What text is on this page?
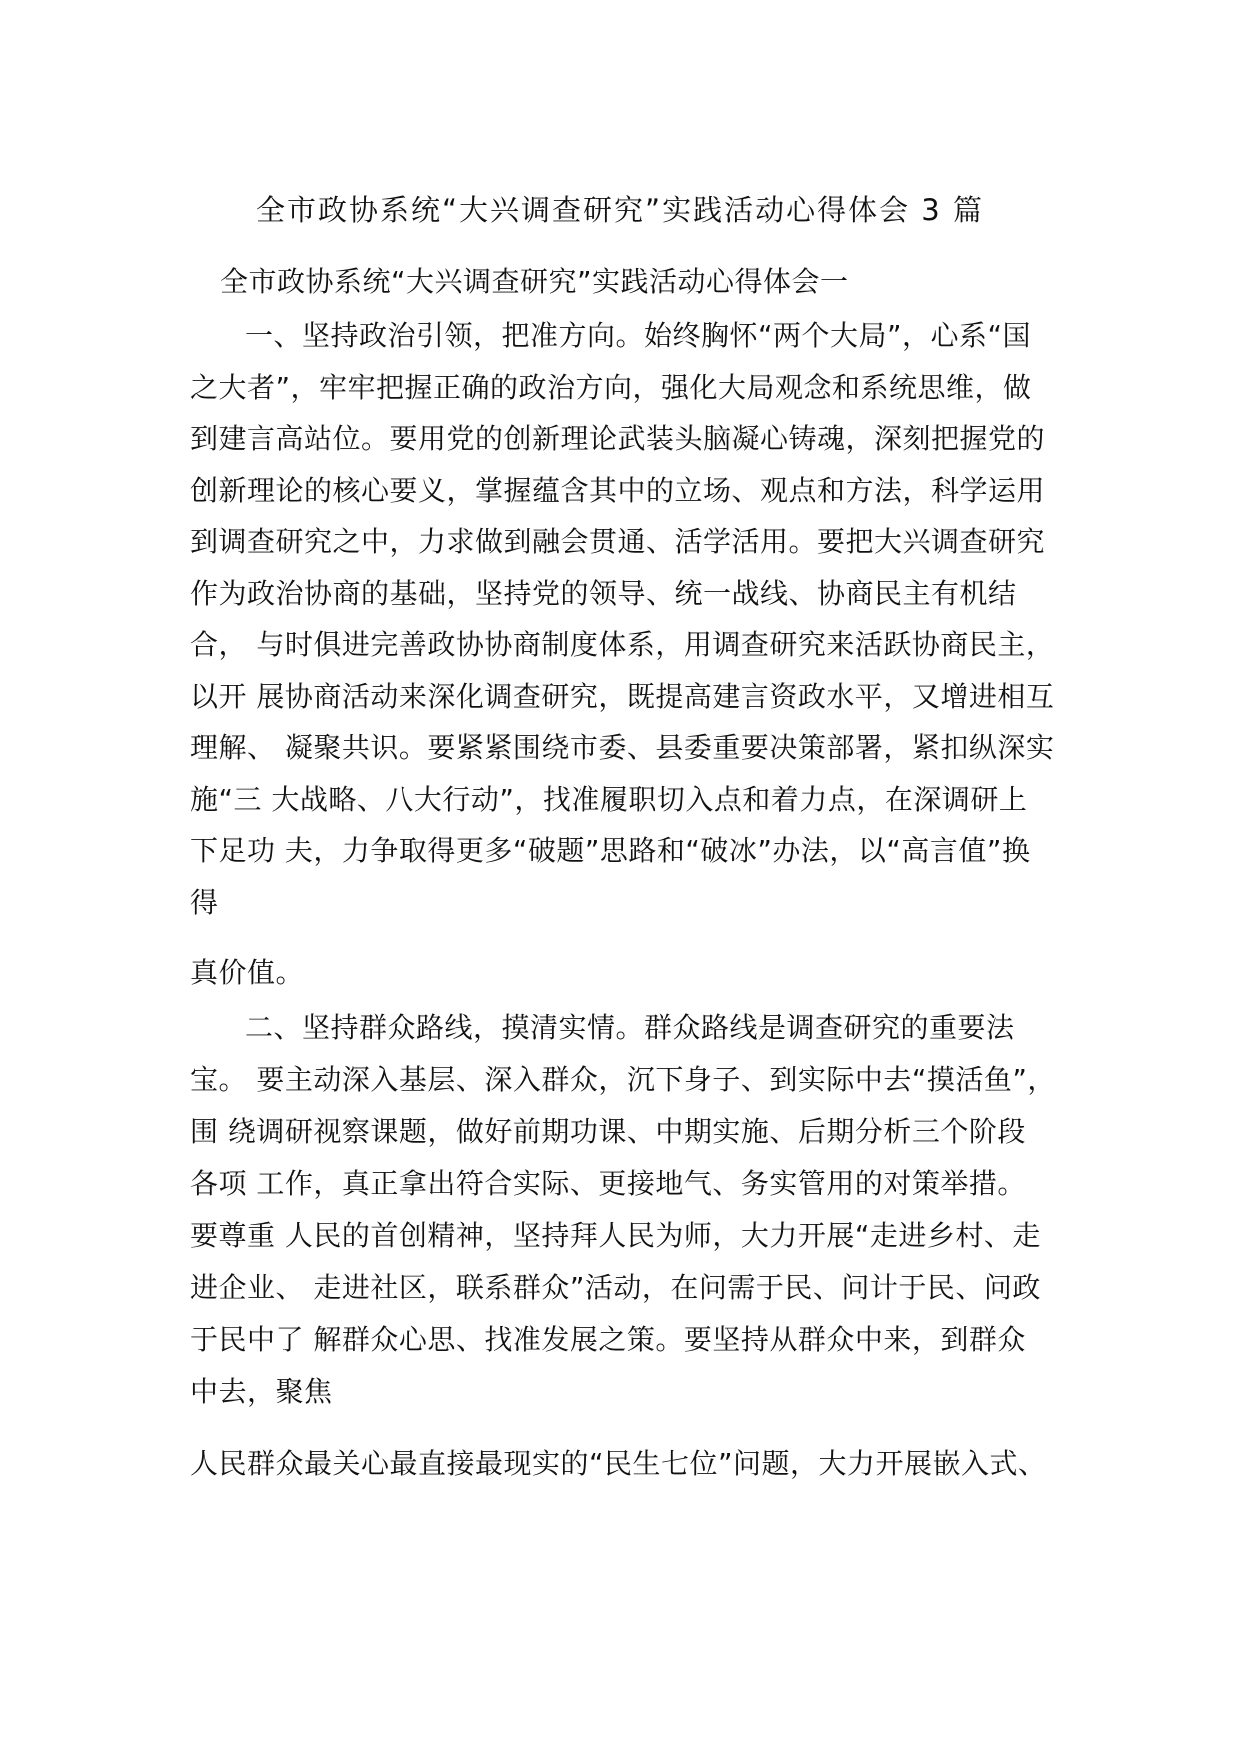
全市政协系统“大兴调查研究”实践活动心得体会 3 篇
全市政协系统“大兴调查研究”实践活动心得体会一
一、坚持政治引领，把准方向。始终胸怀“两个大局”，心系“国
之大者”，牢牢把握正确的政治方向，强化大局观念和系统思维，做
到建言高站位。要用党的创新理论武装头脑凝心铸魂，深刻把握党的
创新理论的核心要义，掌握蕴含其中的立场、观点和方法，科学运用
到调查研究之中，力求做到融会贯通、活学活用。要把大兴调查研究
作为政治协商的基础，坚持党的领导、统一战线、协商民主有机结
合， 与时俱进完善政协协商制度体系，用调查研究来活跃协商民主，
以开 展协商活动来深化调查研究，既提高建言资政水平，又增进相互
理解、 凝聚共识。要紧紧围绕市委、县委重要决策部署，紧扣纵深实
施“三 大战略、八大行动”，找准履职切入点和着力点，在深调研上
下足功 夫，力争取得更多“破题”思路和“破冰”办法，以“高言值”换
得
真价值。
二、坚持群众路线，摸清实情。群众路线是调查研究的重要法
宝。 要主动深入基层、深入群众，沉下身子、到实际中去“摸活鱼”，
围 绕调研视察课题，做好前期功课、中期实施、后期分析三个阶段
各项 工作，真正拿出符合实际、更接地气、务实管用的对策举措。
要尊重 人民的首创精神，坚持拜人民为师，大力开展“走进乡村、走
进企业、 走进社区，联系群众”活动，在问需于民、问计于民、问政
于民中了 解群众心思、找准发展之策。要坚持从群众中来，到群众
中去，聚焦
人民群众最关心最直接最现实的“民生七位”问题，大力开展嵌入式、
